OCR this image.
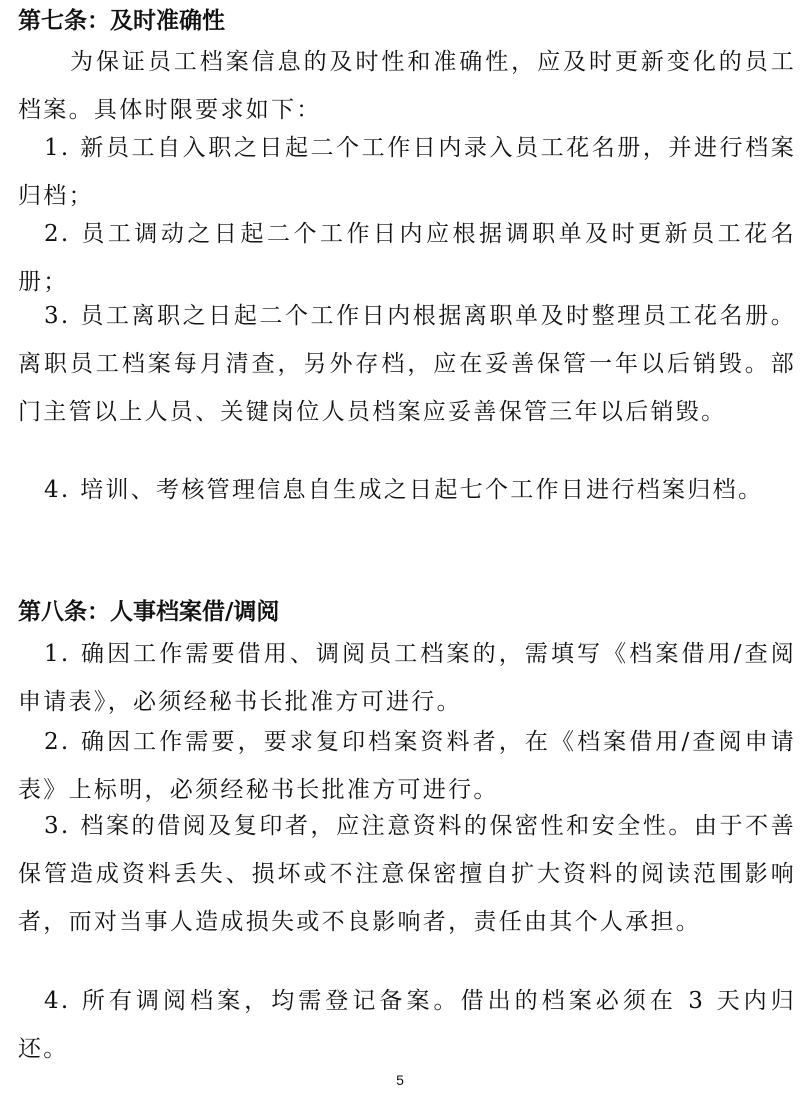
第七条：及时准确性

为保证员工档案信息的及时性和准确性，应及时更新变化的员工档案。具体时限要求如下：

1. 新员工自入职之日起二个工作日内录入员工花名册，并进行档案归档；

2. 员工调动之日起二个工作日内应根据调职单及时更新员工花名册；

3. 员工离职之日起二个工作日内根据离职单及时整理员工花名册。离职员工档案每月清查，另外存档，应在妥善保管一年以后销毁。部门主管以上人员、关键岗位人员档案应妥善保管三年以后销毁。

4. 培训、考核管理信息自生成之日起七个工作日进行档案归档。

第八条：人事档案借/调阅

1. 确因工作需要借用、调阅员工档案的，需填写《档案借用/查阅申请表》，必须经秘书长批准方可进行。

2. 确因工作需要，要求复印档案资料者，在《档案借用/查阅申请表》上标明，必须经秘书长批准方可进行。

3. 档案的借阅及复印者，应注意资料的保密性和安全性。由于不善保管造成资料丢失、损坏或不注意保密擅自扩大资料的阅读范围影响者，而对当事人造成损失或不良影响者，责任由其个人承担。

4. 所有调阅档案，均需登记备案。借出的档案必须在 3 天内归还。

5
